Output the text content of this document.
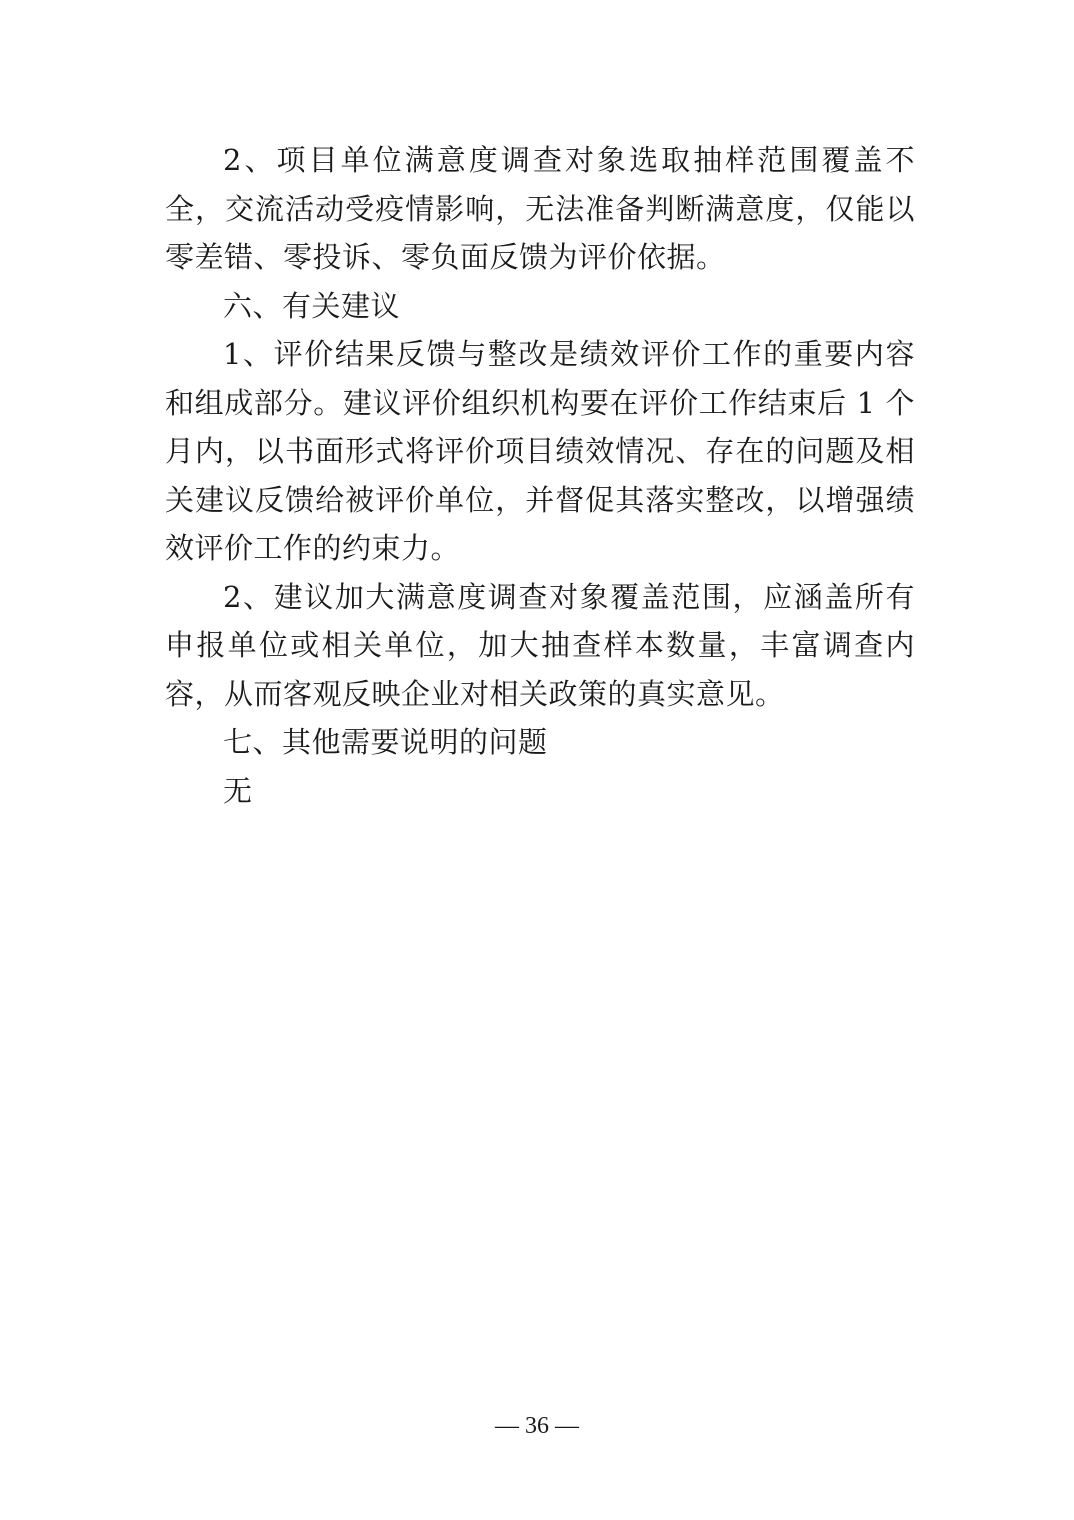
2、项目单位满意度调查对象选取抽样范围覆盖不全，交流活动受疫情影响，无法准备判断满意度，仅能以零差错、零投诉、零负面反馈为评价依据。

六、有关建议

1、评价结果反馈与整改是绩效评价工作的重要内容和组成部分。建议评价组织机构要在评价工作结束后 1 个月内，以书面形式将评价项目绩效情况、存在的问题及相关建议反馈给被评价单位，并督促其落实整改，以增强绩效评价工作的约束力。

2、建议加大满意度调查对象覆盖范围，应涵盖所有申报单位或相关单位，加大抽查样本数量，丰富调查内容，从而客观反映企业对相关政策的真实意见。

七、其他需要说明的问题

无

— 36 —
